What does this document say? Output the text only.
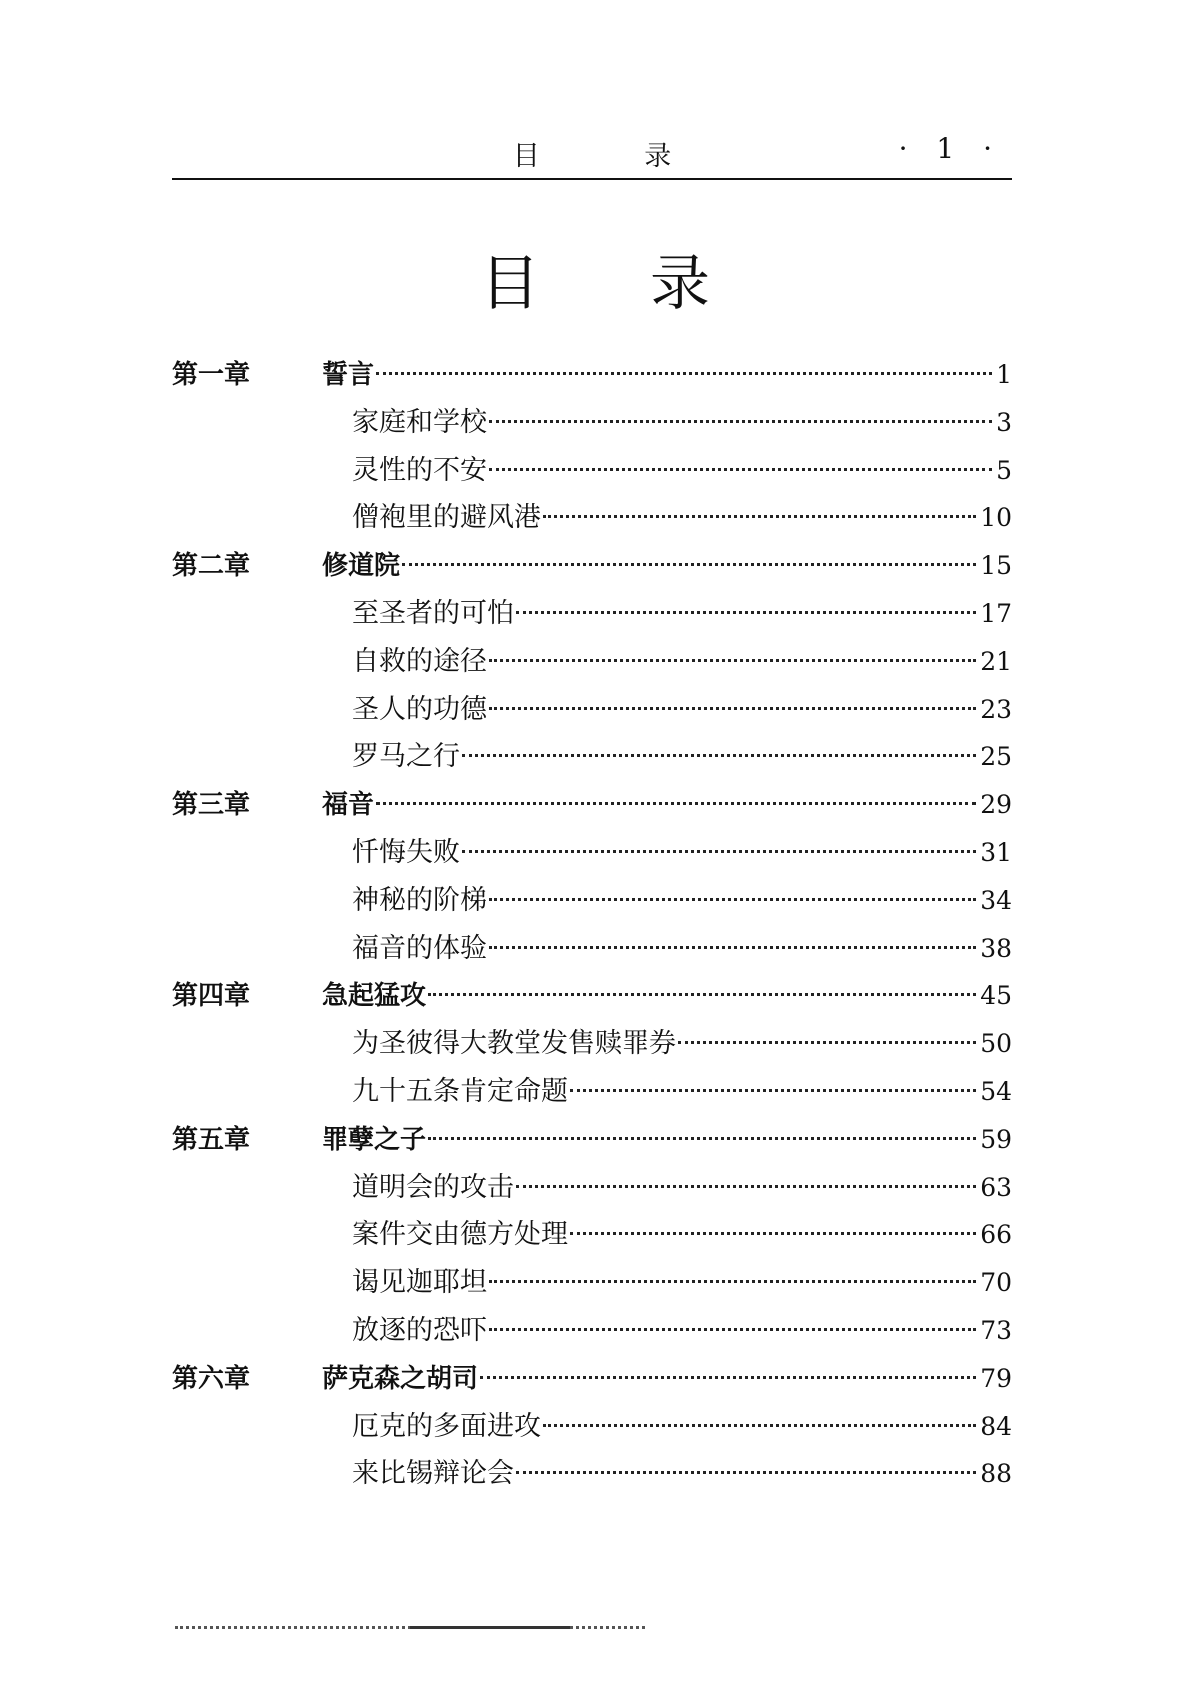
目 录	· 1 ·
目录
第一章	誓言	1
家庭和学校	3
灵性的不安	5
僧袍里的避风港	10
第二章	修道院	15
至圣者的可怕	17
自救的途径	21
圣人的功德	23
罗马之行	25
第三章	福音	29
忏悔失败	31
神秘的阶梯	34
福音的体验	38
第四章	急起猛攻	45
为圣彼得大教堂发售赎罪券	50
九十五条肯定命题	54
第五章	罪孽之子	59
道明会的攻击	63
案件交由德方处理	66
谒见迦耶坦	70
放逐的恐吓	73
第六章	萨克森之胡司	79
厄克的多面进攻	84
来比锡辩论会	88
